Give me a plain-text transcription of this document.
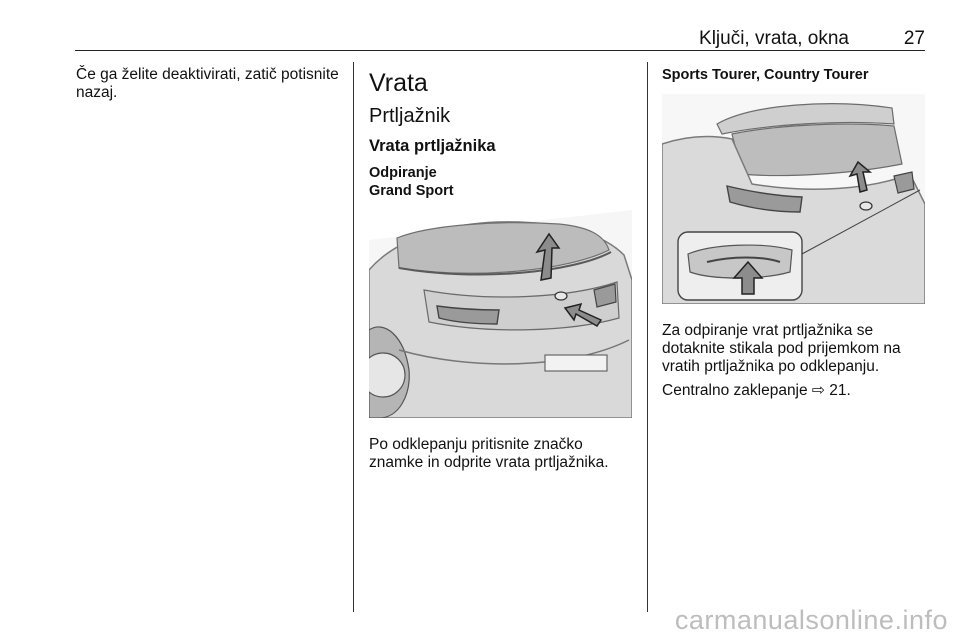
Ključi, vrata, okna	27
Če ga želite deaktivirati, zatič potisnite nazaj.	Vrata
Prtljažnik
Vrata prtljažnika
Odpiranje
Grand Sport
Po odklepanju pritisnite značko znamke in odprite vrata prtljažnika.
Sports Tourer, Country Tourer
Za odpiranje vrat prtljažnika se dotaknite stikala pod prijemkom na vratih prtljažnika po odklepanju.
Centralno zaklepanje ⇨ 21.
carmanualsonline.info
